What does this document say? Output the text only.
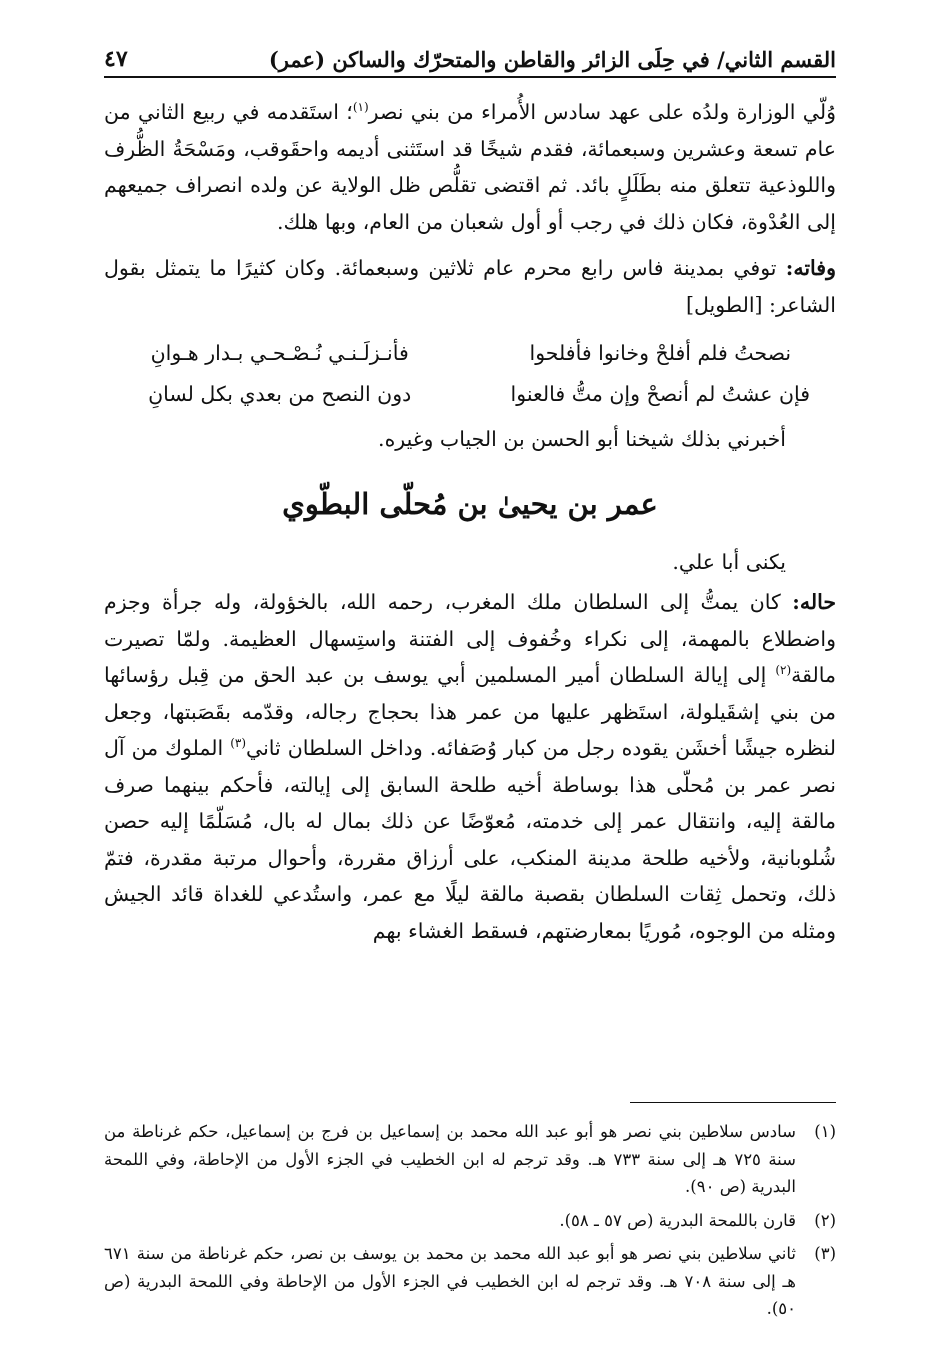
القسم الثاني/ في حِلَى الزائر والقاطن والمتحرّك والساكن (عمر)
٤٧

وُلّي الوزارة ولدُه على عهد سادس الأُمراء من بني نصر$^{(١)}$؛ استَقدمه في ربيع الثاني من عام تسعة وعشرين وسبعمائة، فقدم شيخًا قد استَثنى أديمه واحقَوقب، ومَسْحَةُ الظُّرف واللوذعية تتعلق منه بطَلَلٍ بائد. ثم اقتضى تقلُّص ظل الولاية عن ولده انصراف جميعهم إلى العُدْوة، فكان ذلك في رجب أو أول شعبان من العام، وبها هلك.

وفاته: توفي بمدينة فاس رابع محرم عام ثلاثين وسبعمائة. وكان كثيرًا ما يتمثل بقول الشاعر: [الطويل]

نصحتُ فلم أفلحْ وخانوا فأفلحوا
فأنـزلَـنـي نُـصْـحـي بـدار هـوانِ
فإن عشتُ لم أنصحْ وإن متُّ فالعنوا
دون النصح من بعدي بكل لسانِ

أخبرني بذلك شيخنا أبو الحسن بن الجياب وغيره.

عمر بن يحيىٰ بن مُحلّى البطّوي

يكنى أبا علي.

حاله: كان يمتُّ إلى السلطان ملك المغرب، رحمه الله، بالخؤولة، وله جرأة وجزم واضطلاع بالمهمة، إلى نكراء وخُفوف إلى الفتنة واستِسهال العظيمة. ولمّا تصيرت مالقة$^{(٢)}$ إلى إيالة السلطان أمير المسلمين أبي يوسف بن عبد الحق من قِبل رؤسائها من بني إشقَيلولة، استَظهر عليها من عمر هذا بحجاج رجاله، وقدّمه بقَصَبتها، وجعل لنظره جيشًا أخشَن يقوده رجل من كبار وُصَفائه. وداخل السلطان ثاني$^{(٣)}$ الملوك من آل نصر عمر بن مُحلّى هذا بوساطة أخيه طلحة السابق إلى إيالته، فأحكم بينهما صرف مالقة إليه، وانتقال عمر إلى خدمته، مُعوّضًا عن ذلك بمال له بال، مُسَلّمًا إليه حصن شُلوبانية، ولأخيه طلحة مدينة المنكب، على أرزاق مقررة، وأحوال مرتبة مقدرة، فتمّ ذلك، وتحمل ثِقات السلطان بقصبة مالقة ليلًا مع عمر، واستُدعي للغداة قائد الجيش ومثله من الوجوه، مُوريًا بمعارضتهم، فسقط الغشاء بهم

(١)
سادس سلاطين بني نصر هو أبو عبد الله محمد بن إسماعيل بن فرج بن إسماعيل، حكم غرناطة من سنة ٧٢٥ هـ إلى سنة ٧٣٣ هـ. وقد ترجم له ابن الخطيب في الجزء الأول من الإحاطة، وفي اللمحة البدرية (ص ٩٠).
(٢)
قارن باللمحة البدرية (ص ٥٧ ـ ٥٨).
(٣)
ثاني سلاطين بني نصر هو أبو عبد الله محمد بن محمد بن يوسف بن نصر، حكم غرناطة من سنة ٦٧١ هـ إلى سنة ٧٠٨ هـ. وقد ترجم له ابن الخطيب في الجزء الأول من الإحاطة وفي اللمحة البدرية (ص ٥٠).
